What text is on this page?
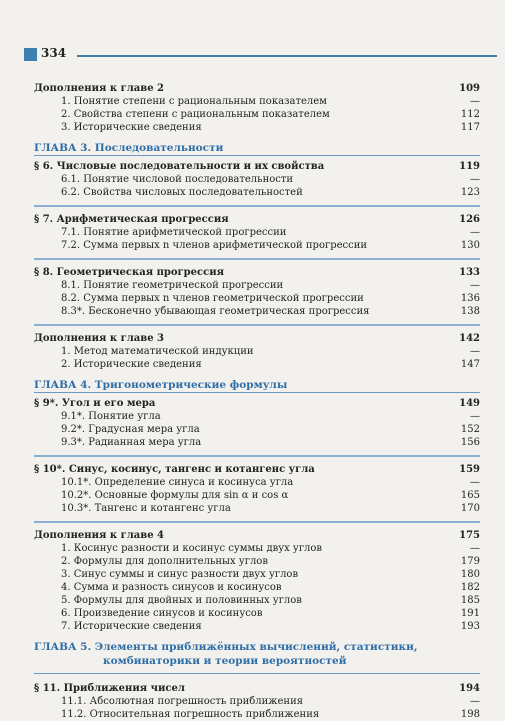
334
Дополнения к главе 2	109
1. Понятие степени с рациональным показателем	—
2. Свойства степени с рациональным показателем	112
3. Исторические сведения	117
ГЛАВА 3. Последовательности
§ 6. Числовые последовательности и их свойства	119
6.1. Понятие числовой последовательности	—
6.2. Свойства числовых последовательностей	123
§ 7. Арифметическая прогрессия	126
7.1. Понятие арифметической прогрессии	—
7.2. Сумма первых n членов арифметической прогрессии	130
§ 8. Геометрическая прогрессия	133
8.1. Понятие геометрической прогрессии	—
8.2. Сумма первых n членов геометрической прогрессии	136
8.3*. Бесконечно убывающая геометрическая прогрессия	138
Дополнения к главе 3	142
1. Метод математической индукции	—
2. Исторические сведения	147
ГЛАВА 4. Тригонометрические формулы
§ 9*. Угол и его мера	149
9.1*. Понятие угла	—
9.2*. Градусная мера угла	152
9.3*. Радианная мера угла	156
§ 10*. Синус, косинус, тангенс и котангенс угла	159
10.1*. Определение синуса и косинуса угла	—
10.2*. Основные формулы для sin α и cos α	165
10.3*. Тангенс и котангенс угла	170
Дополнения к главе 4	175
1. Косинус разности и косинус суммы двух углов	—
2. Формулы для дополнительных углов	179
3. Синус суммы и синус разности двух углов	180
4. Сумма и разность синусов и косинусов	182
5. Формулы для двойных и половинных углов	185
6. Произведение синусов и косинусов	191
7. Исторические сведения	193
ГЛАВА 5. Элементы приближённых вычислений, статистики,
комбинаторики и теории вероятностей
§ 11. Приближения чисел	194
11.1. Абсолютная погрешность приближения	—
11.2. Относительная погрешность приближения	198
